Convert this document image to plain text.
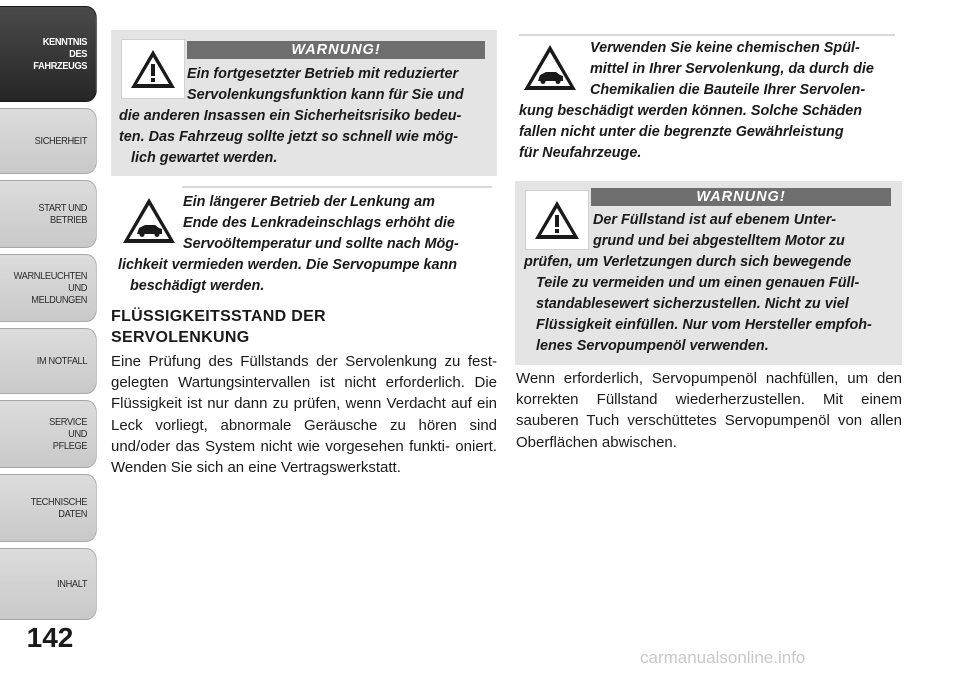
KENNTNIS
DES
FAHRZEUGS
SICHERHEIT
START UND
BETRIEB
WARNLEUCHTEN
UND
MELDUNGEN
IM NOTFALL
SERVICE
UND
PFLEGE
TECHNISCHE
DATEN
INHALT
142
WARNUNG!
Ein fortgesetzter Betrieb mit reduzierter
Servolenkungsfunktion kann für Sie und
die anderen Insassen ein Sicherheitsrisiko bedeu-
ten. Das Fahrzeug sollte jetzt so schnell wie mög-
lich gewartet werden.
Ein längerer Betrieb der Lenkung am
Ende des Lenkradeinschlags erhöht die
Servoöltemperatur und sollte nach Mög-
lichkeit vermieden werden. Die Servopumpe kann
beschädigt werden.
FLÜSSIGKEITSSTAND DER
SERVOLENKUNG

Eine Prüfung des Füllstands der Servolenkung zu fest- gelegten Wartungsintervallen ist nicht erforderlich. Die Flüssigkeit ist nur dann zu prüfen, wenn Verdacht auf ein Leck vorliegt, abnormale Geräusche zu hören sind und/oder das System nicht wie vorgesehen funkti- oniert. Wenden Sie sich an eine Vertragswerkstatt.

Verwenden Sie keine chemischen Spül-
mittel in Ihrer Servolenkung, da durch die
Chemikalien die Bauteile Ihrer Servolen-
kung beschädigt werden können. Solche Schäden
fallen nicht unter die begrenzte Gewährleistung
für Neufahrzeuge.
WARNUNG!
Der Füllstand ist auf ebenem Unter-
grund und bei abgestelltem Motor zu
prüfen, um Verletzungen durch sich bewegende
Teile zu vermeiden und um einen genauen Füll-
standablesewert sicherzustellen. Nicht zu viel
Flüssigkeit einfüllen. Nur vom Hersteller empfoh-
lenes Servopumpenöl verwenden.

Wenn erforderlich, Servopumpenöl nachfüllen, um den korrekten Füllstand wiederherzustellen. Mit einem sauberen Tuch verschüttetes Servopumpenöl von allen Oberflächen abwischen.

carmanualsonline.info
